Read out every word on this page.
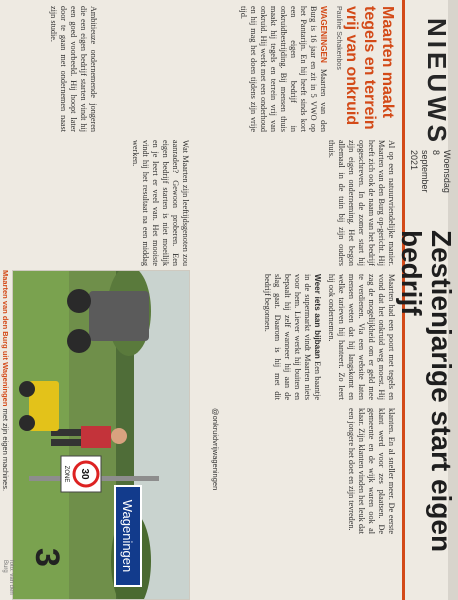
NIEUWS
Woensdag
8
september
2021
Zestienjarige start eigen bedrijf
Maarten maakt tegels en terrein vrij van onkruid
Pauline Schakenbos

WAGENINGEN Maarten van den Burg is 16 jaar en zit in 5 VWO op het Pantarijn. En hij heeft sinds kort een eigen bedrijf in onkruidbestrijding. Bij mensen thuis maakt hij tegels en terrein vrij van onkruid. Hij werkt met een onderhoud en hij mag het doen tijdens zijn vrije tijd.

Al op een natuurvriendelijke manier. Maarten van den Burg op-gericht. Hij heeft zich ook de naam van het bedrijf opgeschreven. In de zomer start hij zijn eigen onderneming. Het begon allemaal in de tuin bij zijn ouders thuis.

Maarten had een poort met tegels en vond dat het onkruid weg moest. Hij zag de mogelijkheid om er geld mee te verdienen. Via een website laten mensen weten dat hij langskomt en welke tarieven hij hanteert. Zo leert hij ook ondernemen.

Weer iets aan bijbaan Een baantje in de supermarkt vindt Maarten niets voor hem. Liever werkt hij buiten en bepaalt hij zelf wanneer hij aan de slag gaat. Daarom is hij met dit bedrijf begonnen.

klanten. En al sneller meer. De eerste klant werd voor zes plaatsen. De gemeente en de wijk waren ook al klaar. Zijn klanten vinden het leuk dat een jongere het doet en zijn tevreden.

@onkruidvrijwageningen

Wat Maarten zijn leeftijdsgenoten zou aanraden? Gewoon proberen. Een eigen bedrijf starten is niet moeilijk en je leert er veel van. Het mooiste vindt hij het resultaat na een middag werken.

Ambitieuze ondernemende jongeren die een eigen bedrijf starten vindt hij een goed voorbeeld. Hij hoopt later door te gaan met ondernemen naast zijn studie.

Wageningen
30
ZONE
foto: van den Burg
Maarten van den Burg uit Wageningen met zijn eigen machines.
3
